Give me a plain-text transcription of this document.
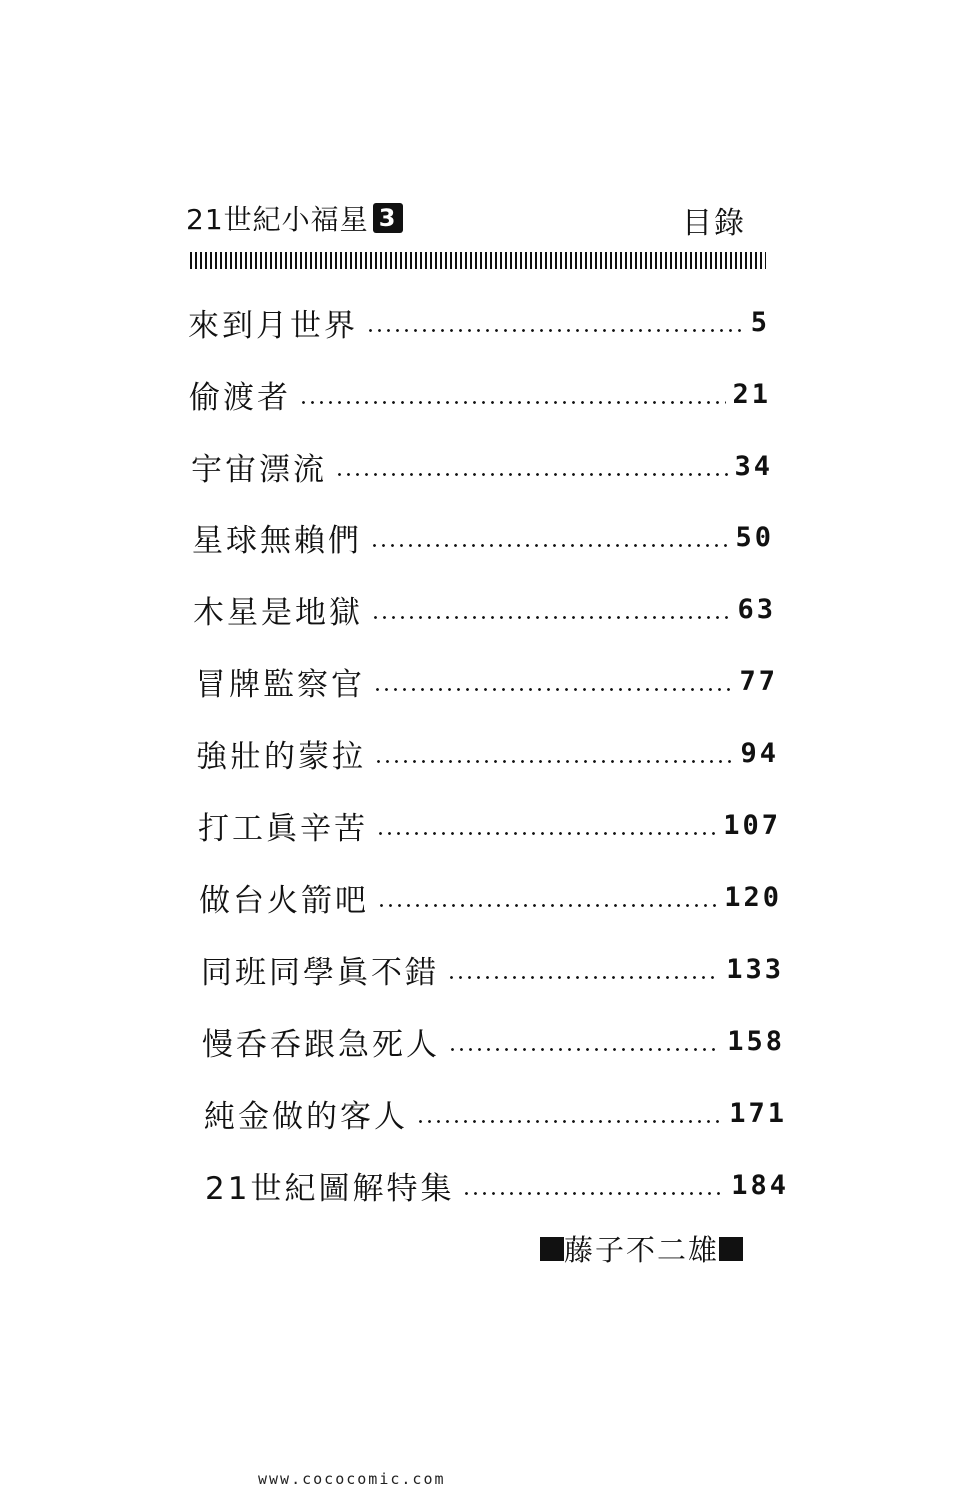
21世紀小福星 3	目錄
來到月世界	5
偷渡者	21
宇宙漂流	34
星球無賴們	50
木星是地獄	63
冒牌監察官	77
強壯的蒙拉	94
打工眞辛苦	107
做台火箭吧	120
同班同學眞不錯	133
慢呑呑跟急死人	158
純金做的客人	171
21世紀圖解特集	184
藤子不二雄
www.cococomic.com
